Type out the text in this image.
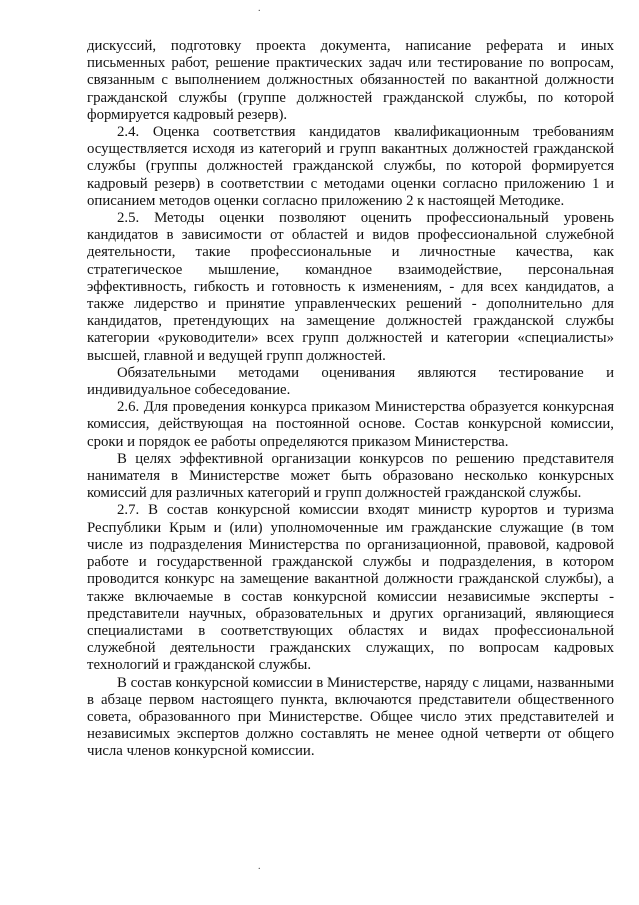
.

дискуссий, подготовку проекта документа, написание реферата и иных письменных работ, решение практических задач или тестирование по вопросам, связанным с выполнением должностных обязанностей по вакантной должности гражданской службы (группе должностей гражданской службы, по которой формируется кадровый резерв).

2.4. Оценка соответствия кандидатов квалификационным требованиям осуществляется исходя из категорий и групп вакантных должностей гражданской службы (группы должностей гражданской службы, по которой формируется кадровый резерв) в соответствии с методами оценки согласно приложению 1 и описанием методов оценки согласно приложению 2 к настоящей Методике.

2.5. Методы оценки позволяют оценить профессиональный уровень кандидатов в зависимости от областей и видов профессиональной служебной деятельности, такие профессиональные и личностные качества, как стратегическое мышление, командное взаимодействие, персональная эффективность, гибкость и готовность к изменениям, - для всех кандидатов, а также лидерство и принятие управленческих решений - дополнительно для кандидатов, претендующих на замещение должностей гражданской службы категории «руководители» всех групп должностей и категории «специалисты» высшей, главной и ведущей групп должностей.

Обязательными методами оценивания являются тестирование и индивидуальное собеседование.

2.6. Для проведения конкурса приказом Министерства образуется конкурсная комиссия, действующая на постоянной основе. Состав конкурсной комиссии, сроки и порядок ее работы определяются приказом Министерства.

В целях эффективной организации конкурсов по решению представителя нанимателя в Министерстве может быть образовано несколько конкурсных комиссий для различных категорий и групп должностей гражданской службы.

2.7. В состав конкурсной комиссии входят министр курортов и туризма Республики Крым и (или) уполномоченные им гражданские служащие (в том числе из подразделения Министерства по организационной, правовой, кадровой работе и государственной гражданской службы и подразделения, в котором проводится конкурс на замещение вакантной должности гражданской службы), а также включаемые в состав конкурсной комиссии независимые эксперты - представители научных, образовательных и других организаций, являющиеся специалистами в соответствующих областях и видах профессиональной служебной деятельности гражданских служащих, по вопросам кадровых технологий и гражданской службы.

В состав конкурсной комиссии в Министерстве, наряду с лицами, названными в абзаце первом настоящего пункта, включаются представители общественного совета, образованного при Министерстве. Общее число этих представителей и независимых экспертов должно составлять не менее одной четверти от общего числа членов конкурсной комиссии.

.
